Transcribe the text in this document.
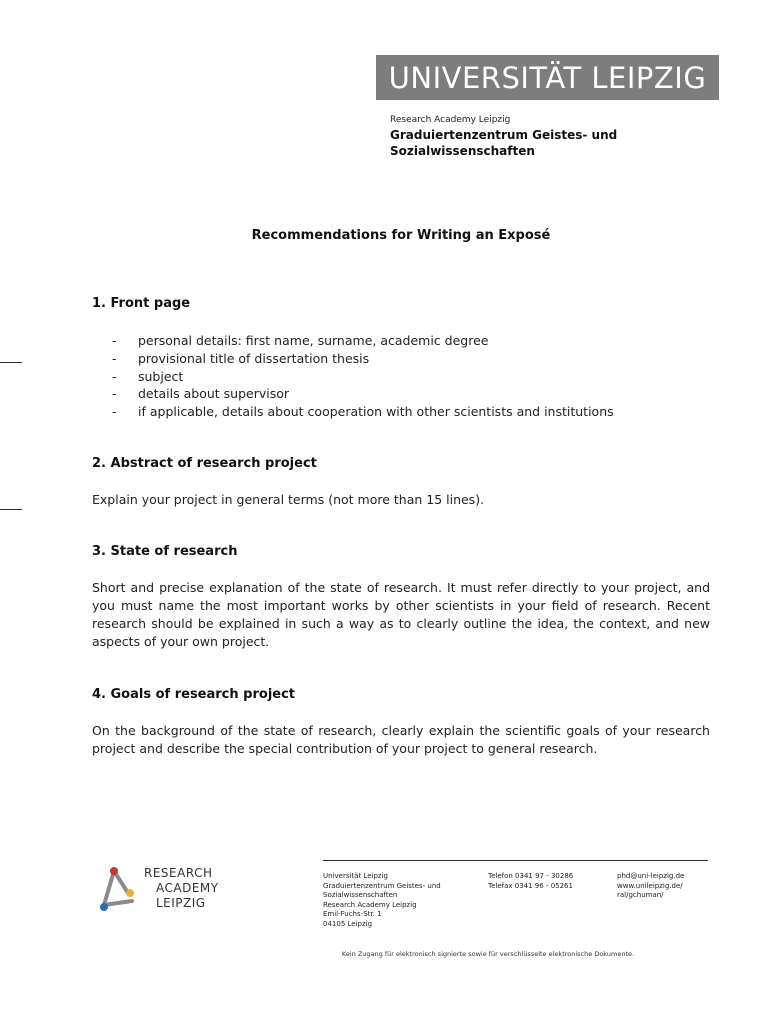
UNIVERSITÄT LEIPZIG
Research Academy Leipzig
Graduiertenzentrum Geistes- und
Sozialwissenschaften
Recommendations for Writing an Exposé
1. Front page
-	personal details: first name, surname, academic degree
-	provisional title of dissertation thesis
-	subject
-	details about supervisor
-	if applicable, details about cooperation with other scientists and institutions
2. Abstract of research project

Explain your project in general terms (not more than 15 lines).

3. State of research

Short and precise explanation of the state of research. It must refer directly to your project, and you must name the most important works by other scientists in your field of research. Recent research should be explained in such a way as to clearly outline the idea, the context, and new aspects of your own project.

4. Goals of research project

On the background of the state of research, clearly explain the scientific goals of your research project and describe the special contribution of your project to general research.

RESEARCH
ACADEMY
LEIPZIG
Universität Leipzig
Graduiertenzentrum Geistes- und
Sozialwissenschaften
Research Academy Leipzig
Emil-Fuchs-Str. 1
04105 Leipzig
Telefon 0341 97 - 30286
Telefax 0341 96 - 05261
phd@uni-leipzig.de
www.unileipzig.de/
ral/gchuman/
Kein Zugang für elektronisch signierte sowie für verschlüsselte elektronische Dokumente.
